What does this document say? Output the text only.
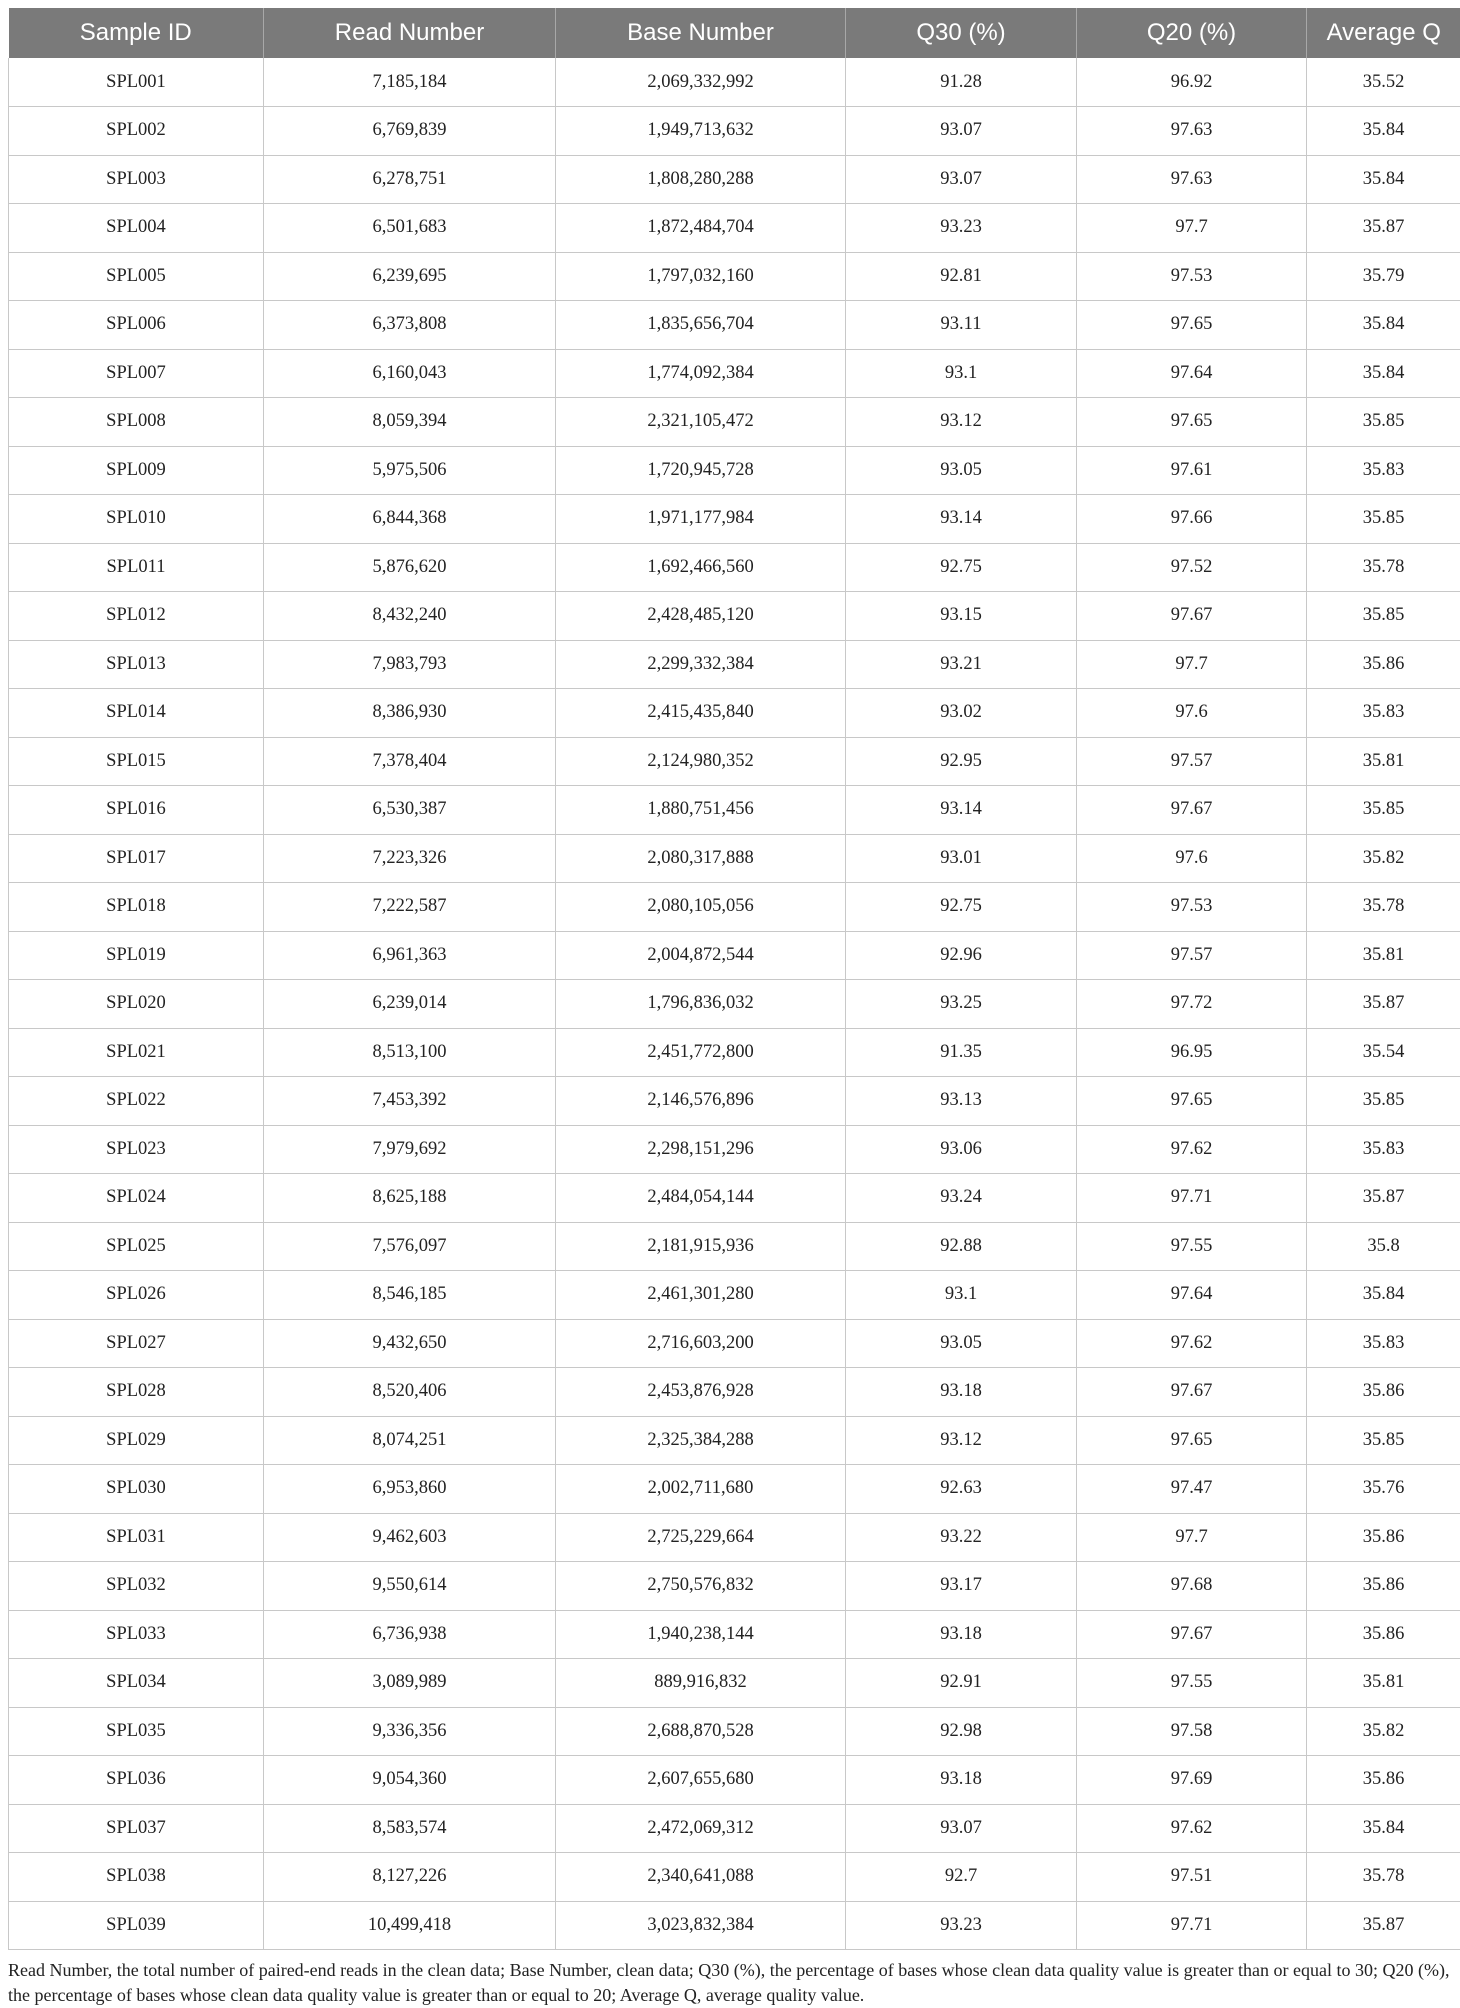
Sample ID	Read Number	Base Number	Q30 (%)	Q20 (%)	Average Q
SPL001	7,185,184	2,069,332,992	91.28	96.92	35.52
SPL002	6,769,839	1,949,713,632	93.07	97.63	35.84
SPL003	6,278,751	1,808,280,288	93.07	97.63	35.84
SPL004	6,501,683	1,872,484,704	93.23	97.7	35.87
SPL005	6,239,695	1,797,032,160	92.81	97.53	35.79
SPL006	6,373,808	1,835,656,704	93.11	97.65	35.84
SPL007	6,160,043	1,774,092,384	93.1	97.64	35.84
SPL008	8,059,394	2,321,105,472	93.12	97.65	35.85
SPL009	5,975,506	1,720,945,728	93.05	97.61	35.83
SPL010	6,844,368	1,971,177,984	93.14	97.66	35.85
SPL011	5,876,620	1,692,466,560	92.75	97.52	35.78
SPL012	8,432,240	2,428,485,120	93.15	97.67	35.85
SPL013	7,983,793	2,299,332,384	93.21	97.7	35.86
SPL014	8,386,930	2,415,435,840	93.02	97.6	35.83
SPL015	7,378,404	2,124,980,352	92.95	97.57	35.81
SPL016	6,530,387	1,880,751,456	93.14	97.67	35.85
SPL017	7,223,326	2,080,317,888	93.01	97.6	35.82
SPL018	7,222,587	2,080,105,056	92.75	97.53	35.78
SPL019	6,961,363	2,004,872,544	92.96	97.57	35.81
SPL020	6,239,014	1,796,836,032	93.25	97.72	35.87
SPL021	8,513,100	2,451,772,800	91.35	96.95	35.54
SPL022	7,453,392	2,146,576,896	93.13	97.65	35.85
SPL023	7,979,692	2,298,151,296	93.06	97.62	35.83
SPL024	8,625,188	2,484,054,144	93.24	97.71	35.87
SPL025	7,576,097	2,181,915,936	92.88	97.55	35.8
SPL026	8,546,185	2,461,301,280	93.1	97.64	35.84
SPL027	9,432,650	2,716,603,200	93.05	97.62	35.83
SPL028	8,520,406	2,453,876,928	93.18	97.67	35.86
SPL029	8,074,251	2,325,384,288	93.12	97.65	35.85
SPL030	6,953,860	2,002,711,680	92.63	97.47	35.76
SPL031	9,462,603	2,725,229,664	93.22	97.7	35.86
SPL032	9,550,614	2,750,576,832	93.17	97.68	35.86
SPL033	6,736,938	1,940,238,144	93.18	97.67	35.86
SPL034	3,089,989	889,916,832	92.91	97.55	35.81
SPL035	9,336,356	2,688,870,528	92.98	97.58	35.82
SPL036	9,054,360	2,607,655,680	93.18	97.69	35.86
SPL037	8,583,574	2,472,069,312	93.07	97.62	35.84
SPL038	8,127,226	2,340,641,088	92.7	97.51	35.78
SPL039	10,499,418	3,023,832,384	93.23	97.71	35.87
Read Number, the total number of paired-end reads in the clean data; Base Number, clean data; Q30 (%), the percentage of bases whose clean data quality value is greater than or equal to 30; Q20 (%), the percentage of bases whose clean data quality value is greater than or equal to 20; Average Q, average quality value.
